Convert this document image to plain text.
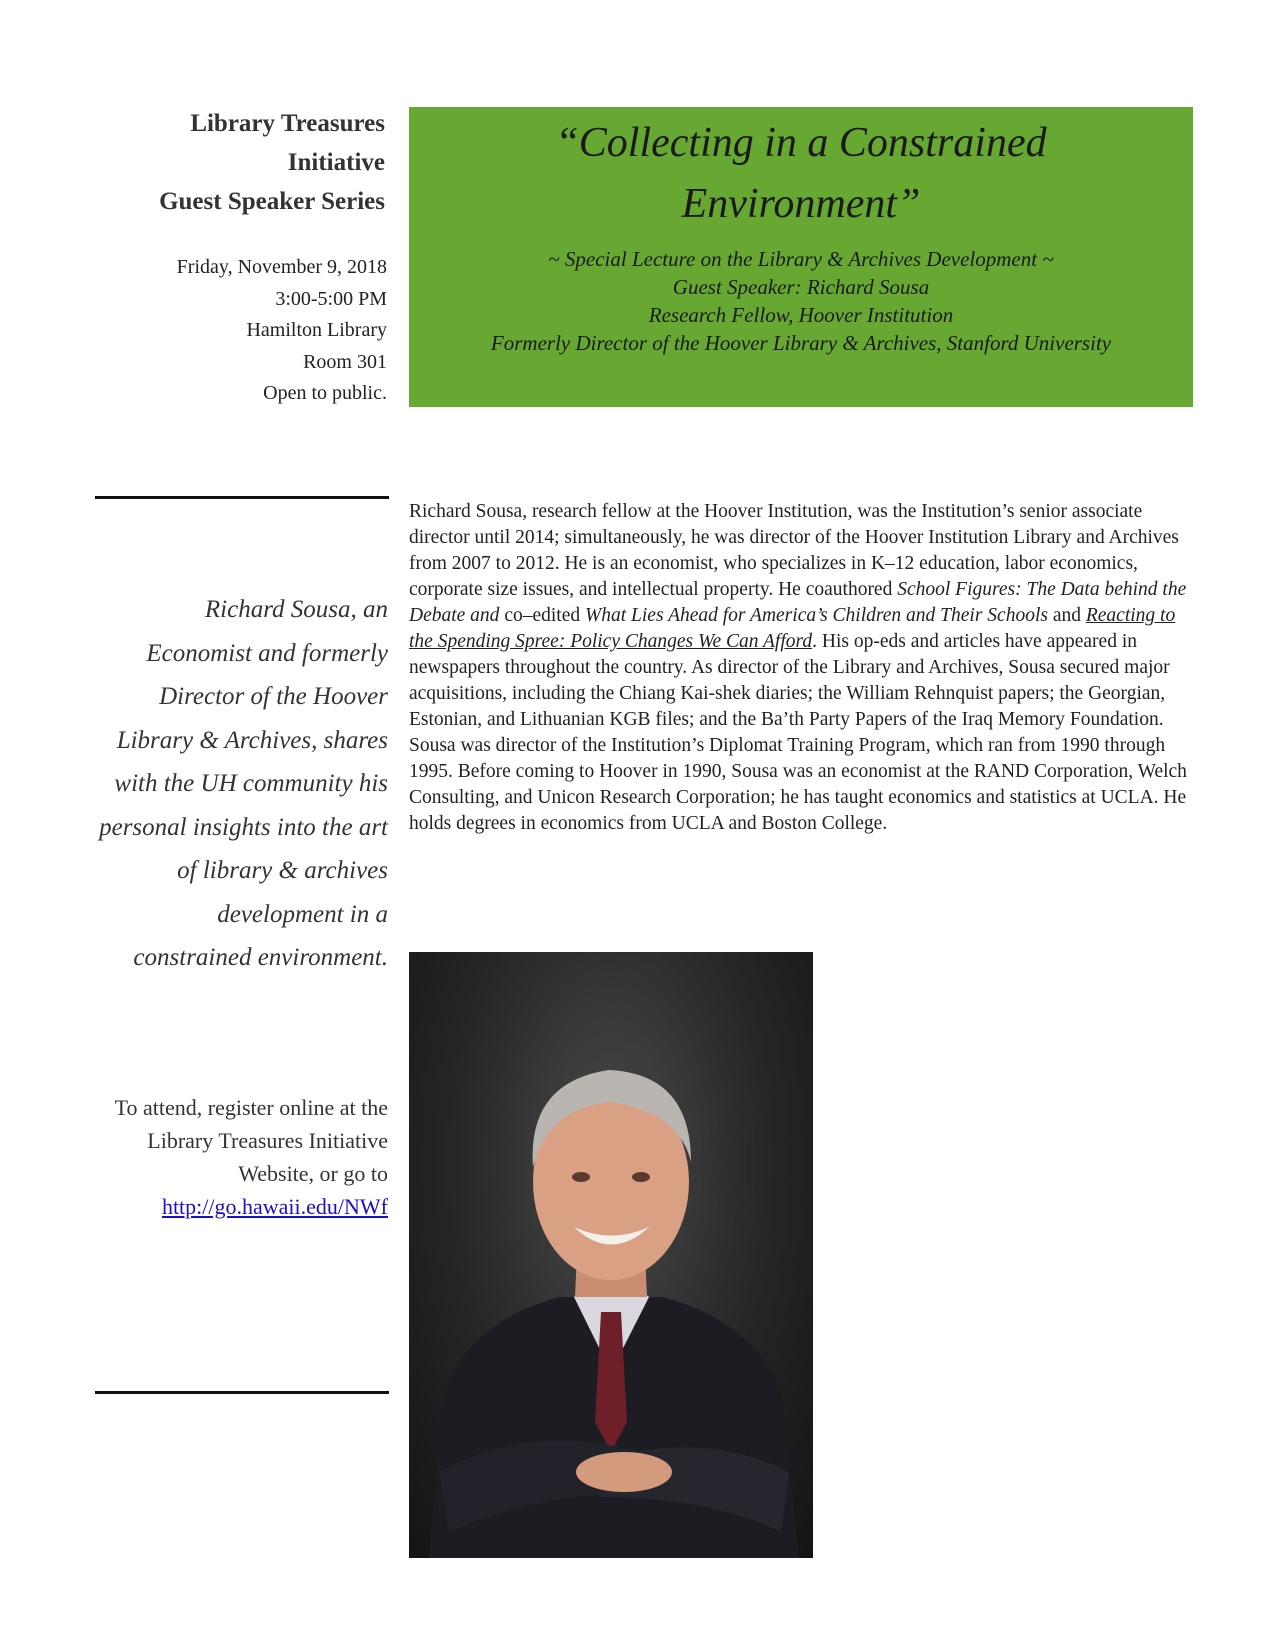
Library Treasures
Initiative
Guest Speaker Series
Friday, November 9, 2018
3:00-5:00 PM
Hamilton Library
Room 301
Open to public.
“Collecting in a Constrained Environment”
~ Special Lecture on the Library & Archives Development ~
Guest Speaker: Richard Sousa
Research Fellow, Hoover Institution
Formerly Director of the Hoover Library & Archives, Stanford University
Richard Sousa, an Economist and formerly Director of the Hoover Library & Archives, shares with the UH community his personal insights into the art of library & archives development in a constrained environment.
To attend, register online at the Library Treasures Initiative Website, or go to
http://go.hawaii.edu/NWf
Richard Sousa, research fellow at the Hoover Institution, was the Institution’s senior associate director until 2014; simultaneously, he was director of the Hoover Institution Library and Archives from 2007 to 2012. He is an economist, who specializes in K–12 education, labor economics, corporate size issues, and intellectual property. He coauthored School Figures: The Data behind the Debate and co–edited What Lies Ahead for America’s Children and Their Schools and Reacting to the Spending Spree: Policy Changes We Can Afford. His op-eds and articles have appeared in newspapers throughout the country. As director of the Library and Archives, Sousa secured major acquisitions, including the Chiang Kai-shek diaries; the William Rehnquist papers; the Georgian, Estonian, and Lithuanian KGB files; and the Ba’th Party Papers of the Iraq Memory Foundation. Sousa was director of the Institution’s Diplomat Training Program, which ran from 1990 through 1995. Before coming to Hoover in 1990, Sousa was an economist at the RAND Corporation, Welch Consulting, and Unicon Research Corporation; he has taught economics and statistics at UCLA. He holds degrees in economics from UCLA and Boston College.
